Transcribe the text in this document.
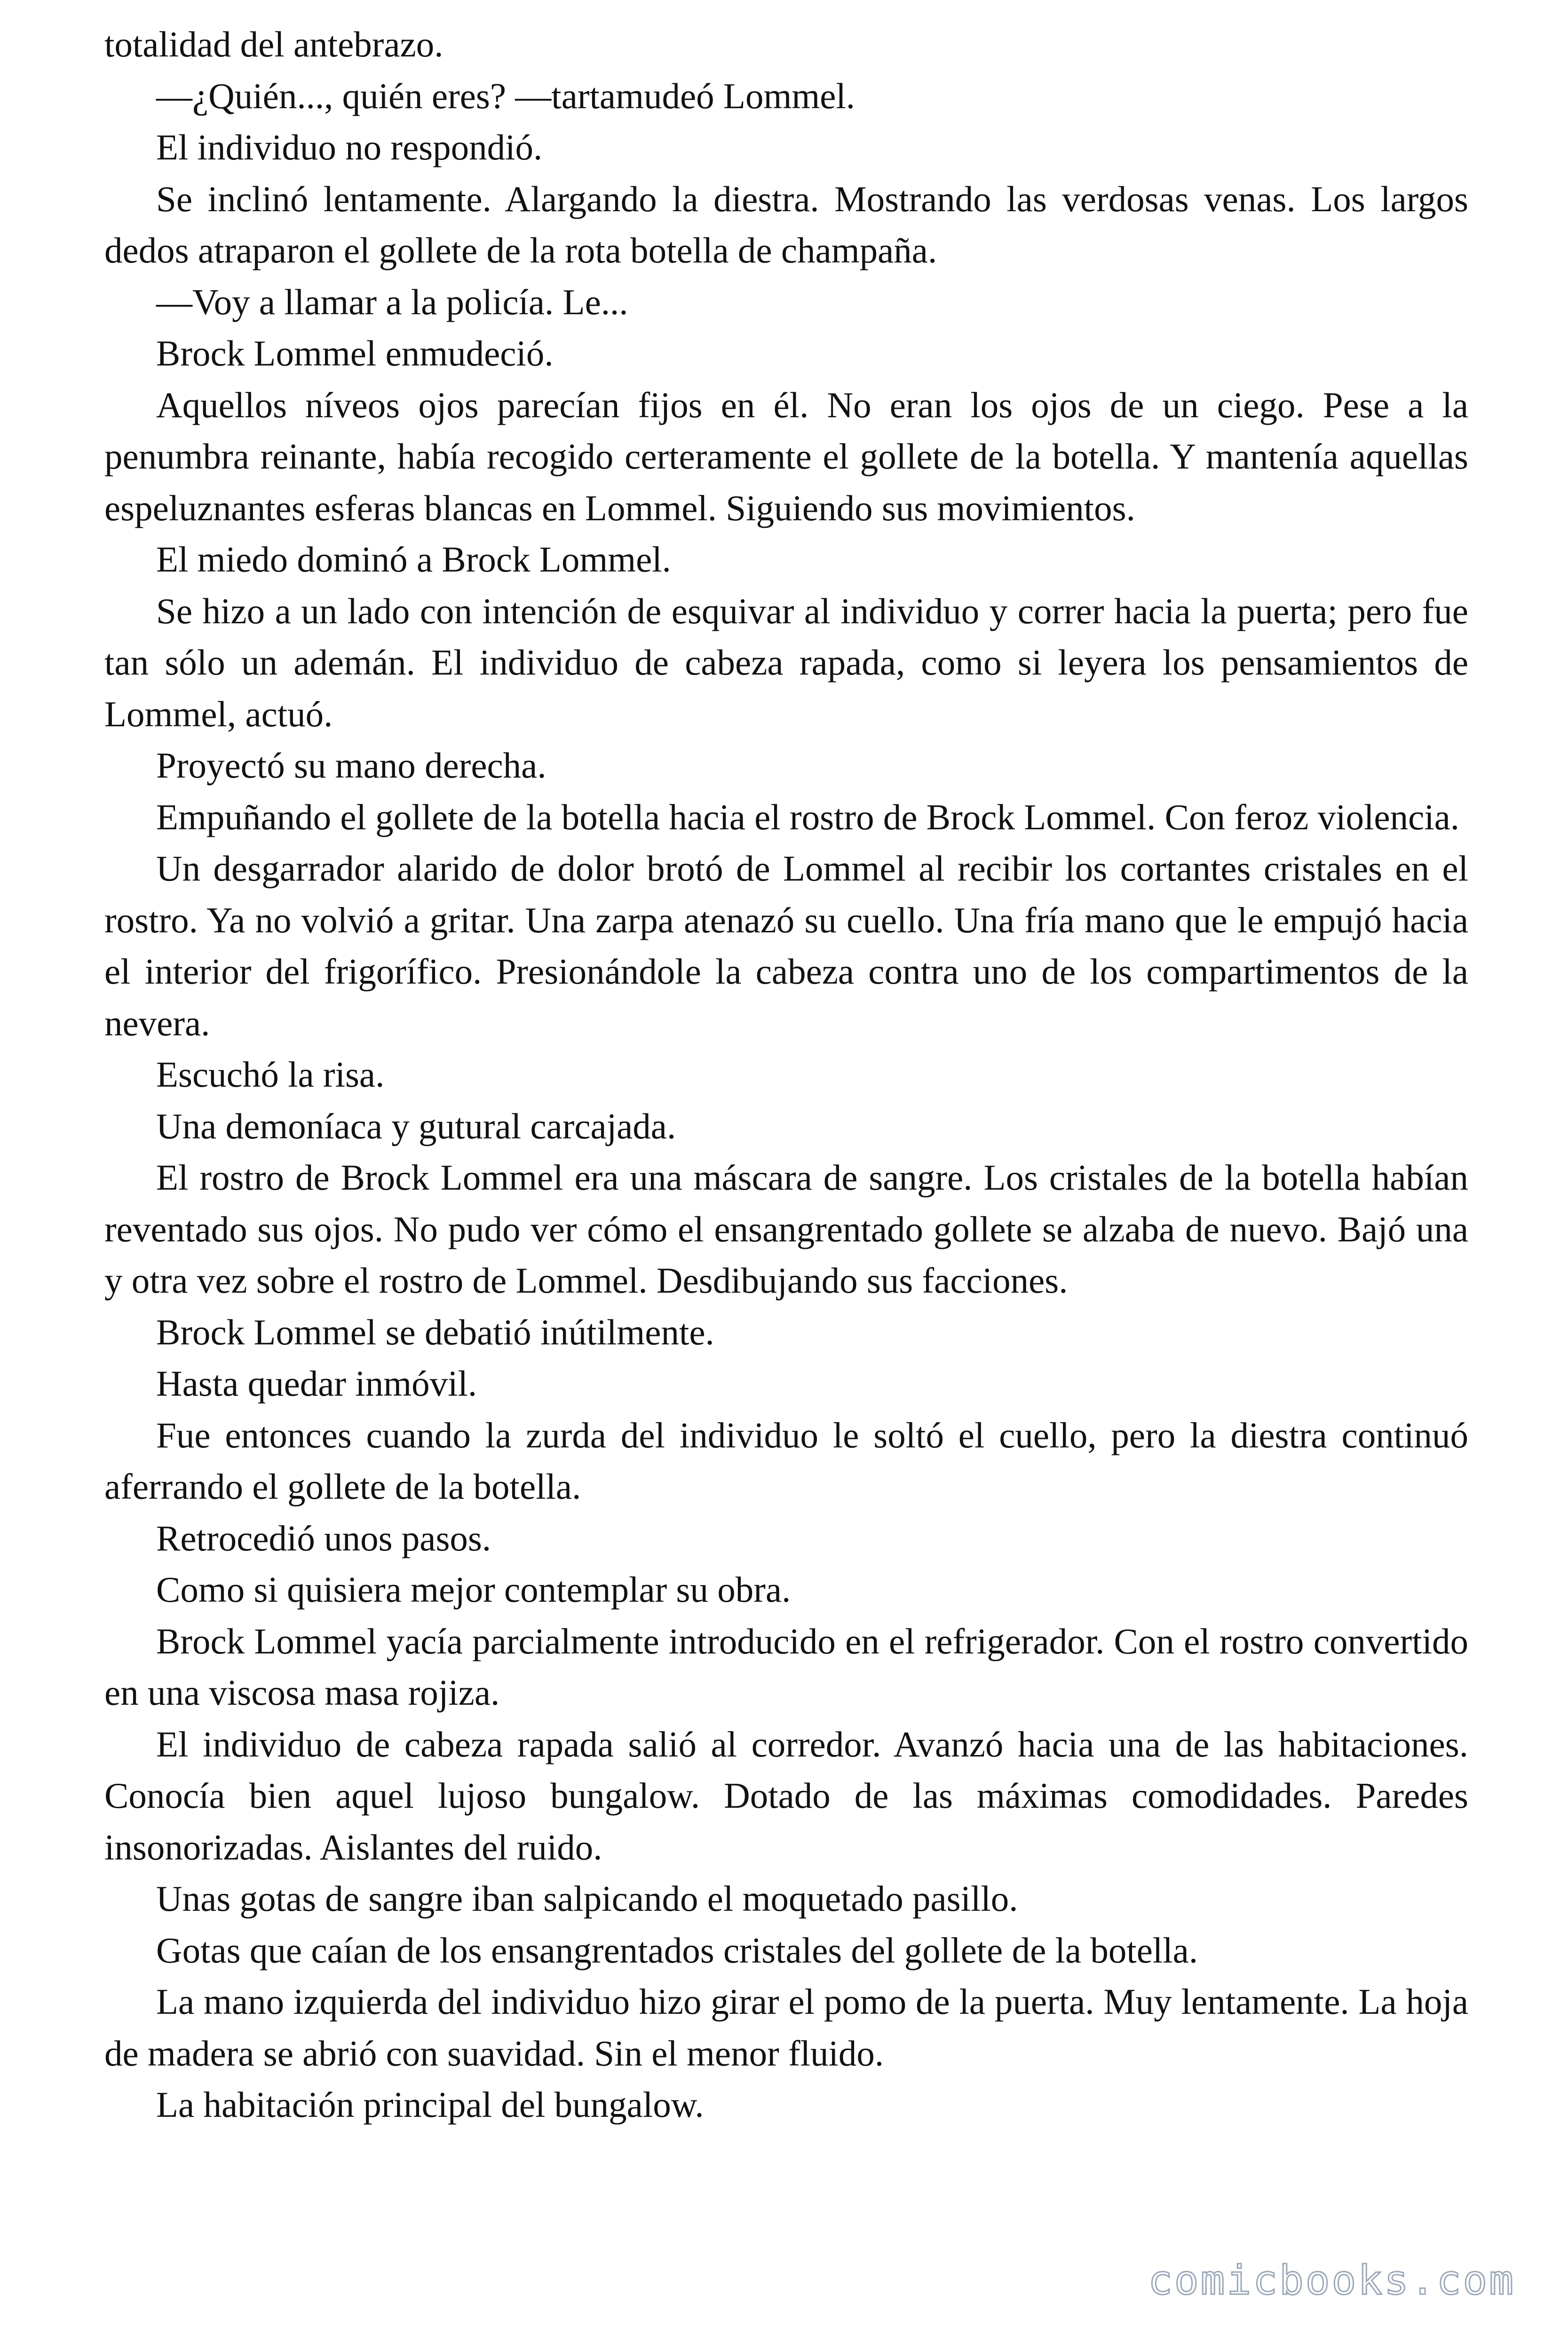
totalidad del antebrazo.

—¿Quién..., quién eres? —tartamudeó Lommel.

El individuo no respondió.

Se inclinó lentamente. Alargando la diestra. Mostrando las verdosas venas. Los largos dedos atraparon el gollete de la rota botella de champaña.

—Voy a llamar a la policía. Le...

Brock Lommel enmudeció.

Aquellos níveos ojos parecían fijos en él. No eran los ojos de un ciego. Pese a la penumbra reinante, había recogido certeramente el gollete de la botella. Y mantenía aquellas espeluznantes esferas blancas en Lommel. Siguiendo sus movimientos.

El miedo dominó a Brock Lommel.

Se hizo a un lado con intención de esquivar al individuo y correr hacia la puerta; pero fue tan sólo un ademán. El individuo de cabeza rapada, como si leyera los pensamientos de Lommel, actuó.

Proyectó su mano derecha.

Empuñando el gollete de la botella hacia el rostro de Brock Lommel. Con feroz violencia.

Un desgarrador alarido de dolor brotó de Lommel al recibir los cortantes cristales en el rostro. Ya no volvió a gritar. Una zarpa atenazó su cuello. Una fría mano que le empujó hacia el interior del frigorífico. Presionándole la cabeza contra uno de los compartimentos de la nevera.

Escuchó la risa.

Una demoníaca y gutural carcajada.

El rostro de Brock Lommel era una máscara de sangre. Los cristales de la botella habían reventado sus ojos. No pudo ver cómo el ensangrentado gollete se alzaba de nuevo. Bajó una y otra vez sobre el rostro de Lommel. Desdibujando sus facciones.

Brock Lommel se debatió inútilmente.

Hasta quedar inmóvil.

Fue entonces cuando la zurda del individuo le soltó el cuello, pero la diestra continuó aferrando el gollete de la botella.

Retrocedió unos pasos.

Como si quisiera mejor contemplar su obra.

Brock Lommel yacía parcialmente introducido en el refrigerador. Con el rostro convertido en una viscosa masa rojiza.

El individuo de cabeza rapada salió al corredor. Avanzó hacia una de las habitaciones. Conocía bien aquel lujoso bungalow. Dotado de las máximas comodidades. Paredes insonorizadas. Aislantes del ruido.

Unas gotas de sangre iban salpicando el moquetado pasillo.

Gotas que caían de los ensangrentados cristales del gollete de la botella.

La mano izquierda del individuo hizo girar el pomo de la puerta. Muy lentamente. La hoja de madera se abrió con suavidad. Sin el menor fluido.

La habitación principal del bungalow.

comicbooks.com
